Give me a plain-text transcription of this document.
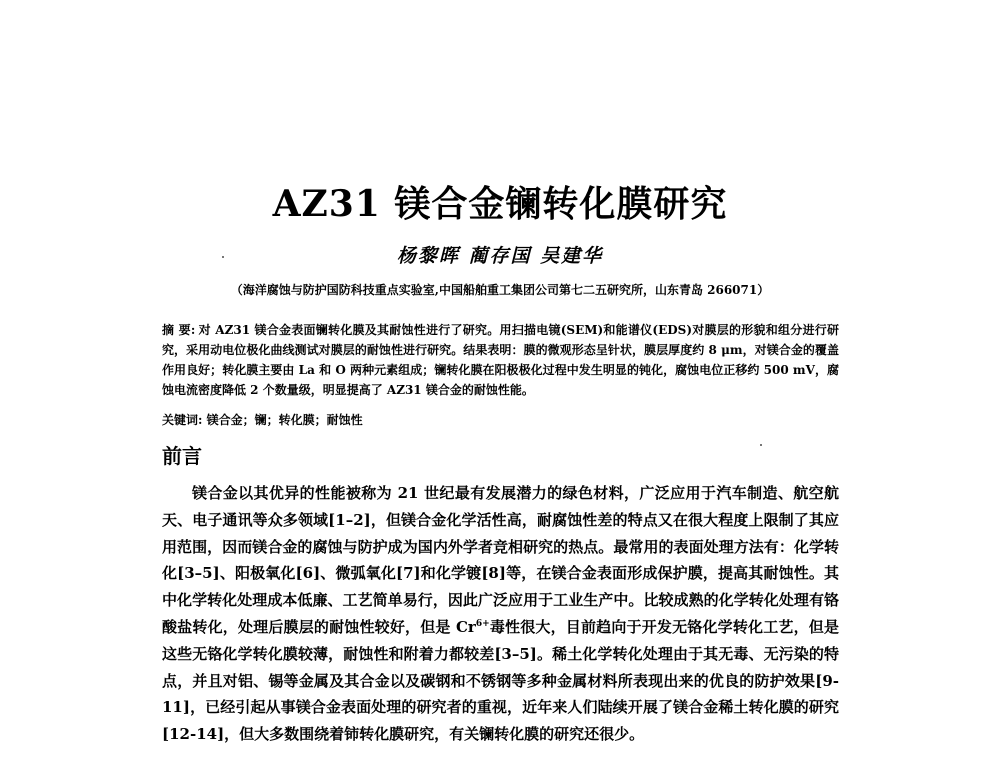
AZ31 镁合金镧转化膜研究
杨黎晖 蔺存国 吴建华
（海洋腐蚀与防护国防科技重点实验室,中国船舶重工集团公司第七二五研究所，山东青岛 266071）
摘 要: 对 AZ31 镁合金表面镧转化膜及其耐蚀性进行了研究。用扫描电镜(SEM)和能谱仪(EDS)对膜层的形貌和组分进行研究，采用动电位极化曲线测试对膜层的耐蚀性进行研究。结果表明：膜的微观形态呈针状，膜层厚度约 8 μm，对镁合金的覆盖作用良好；转化膜主要由 La 和 O 两种元素组成；镧转化膜在阳极极化过程中发生明显的钝化，腐蚀电位正移约 500 mV，腐蚀电流密度降低 2 个数量级，明显提高了 AZ31 镁合金的耐蚀性能。
关键词: 镁合金；镧；转化膜；耐蚀性
前言
镁合金以其优异的性能被称为 21 世纪最有发展潜力的绿色材料，广泛应用于汽车制造、航空航天、电子通讯等众多领域[1–2]，但镁合金化学活性高，耐腐蚀性差的特点又在很大程度上限制了其应用范围，因而镁合金的腐蚀与防护成为国内外学者竞相研究的热点。最常用的表面处理方法有：化学转化[3–5]、阳极氧化[6]、微弧氧化[7]和化学镀[8]等，在镁合金表面形成保护膜，提高其耐蚀性。其中化学转化处理成本低廉、工艺简单易行，因此广泛应用于工业生产中。比较成熟的化学转化处理有铬酸盐转化，处理后膜层的耐蚀性较好，但是 $Cr^{6+}$毒性很大，目前趋向于开发无铬化学转化工艺，但是这些无铬化学转化膜较薄，耐蚀性和附着力都较差[3–5]。稀土化学转化处理由于其无毒、无污染的特点，并且对铝、锡等金属及其合金以及碳钢和不锈钢等多种金属材料所表现出来的优良的防护效果[9-11]，已经引起从事镁合金表面处理的研究者的重视，近年来人们陆续开展了镁合金稀土转化膜的研究[12-14]，但大多数围绕着铈转化膜研究，有关镧转化膜的研究还很少。
